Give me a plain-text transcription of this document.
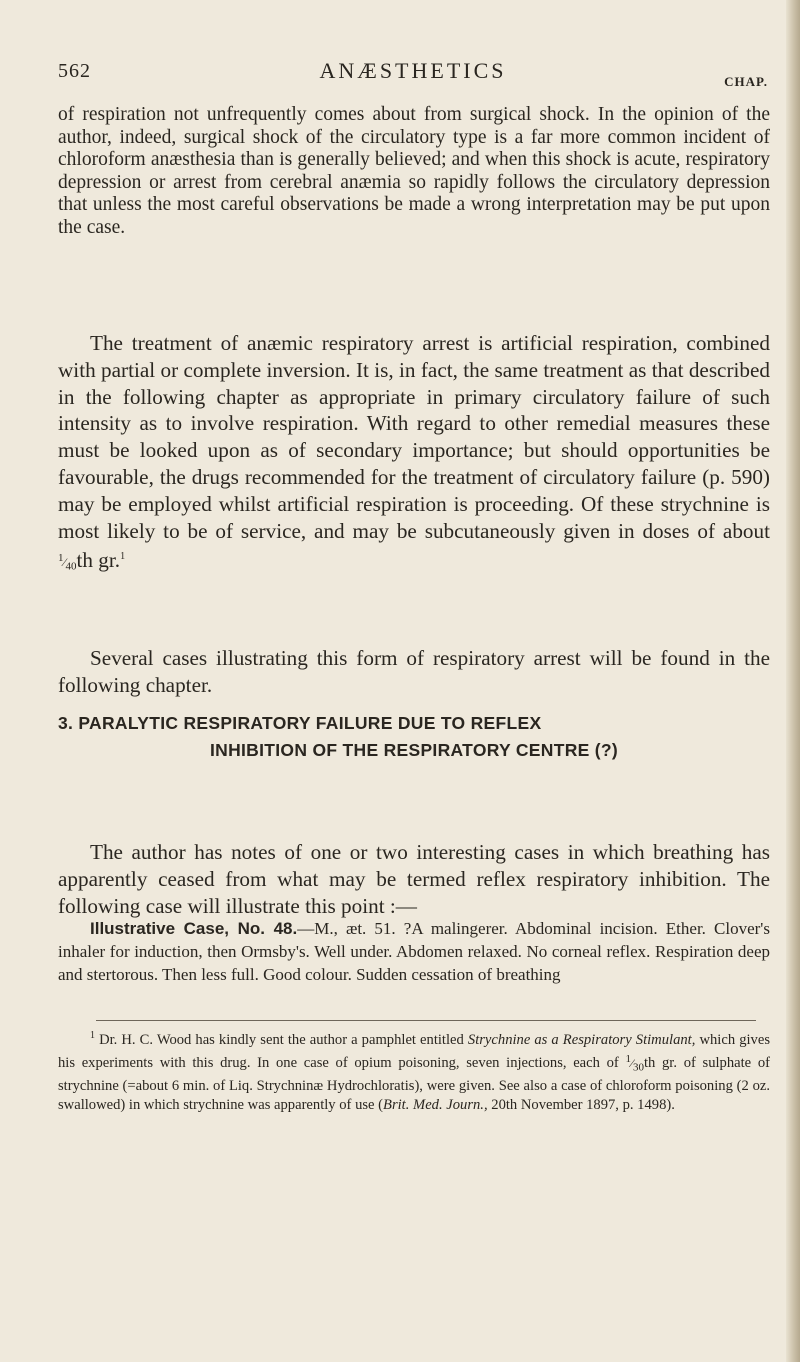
562	ANÆSTHETICS	CHAP.

of respiration not unfrequently comes about from surgical shock. In the opinion of the author, indeed, surgical shock of the circulatory type is a far more common incident of chloroform anæsthesia than is generally believed; and when this shock is acute, respiratory depression or arrest from cerebral anæmia so rapidly follows the circulatory depression that unless the most careful observations be made a wrong interpretation may be put upon the case.

The treatment of anæmic respiratory arrest is artificial respiration, combined with partial or complete inversion. It is, in fact, the same treatment as that described in the following chapter as appropriate in primary circulatory failure of such intensity as to involve respiration. With regard to other remedial measures these must be looked upon as of secondary importance; but should opportunities be favourable, the drugs recommended for the treatment of circulatory failure (p. 590) may be employed whilst artificial respiration is proceeding. Of these strychnine is most likely to be of service, and may be subcutaneously given in doses of about $^1⁄_{40}th$ gr.$^1$

Several cases illustrating this form of respiratory arrest will be found in the following chapter.

3. PARALYTIC RESPIRATORY FAILURE DUE TO REFLEX
INHIBITION OF THE RESPIRATORY CENTRE (?)

The author has notes of one or two interesting cases in which breathing has apparently ceased from what may be termed reflex respiratory inhibition. The following case will illustrate this point :—

Illustrative Case, No. 48.—M., æt. 51. ?A malingerer. Abdominal incision. Ether. Clover's inhaler for induction, then Ormsby's. Well under. Abdomen relaxed. No corneal reflex. Respiration deep and stertorous. Then less full. Good colour. Sudden cessation of breathing

$^1$ Dr. H. C. Wood has kindly sent the author a pamphlet entitled Strychnine as a Respiratory Stimulant, which gives his experiments with this drug. In one case of opium poisoning, seven injections, each of $^1⁄_{30}th$ gr. of sulphate of strychnine (=about 6 min. of Liq. Strychninæ Hydrochloratis), were given. See also a case of chloroform poisoning (2 oz. swallowed) in which strychnine was apparently of use (Brit. Med. Journ., 20th November 1897, p. 1498).
